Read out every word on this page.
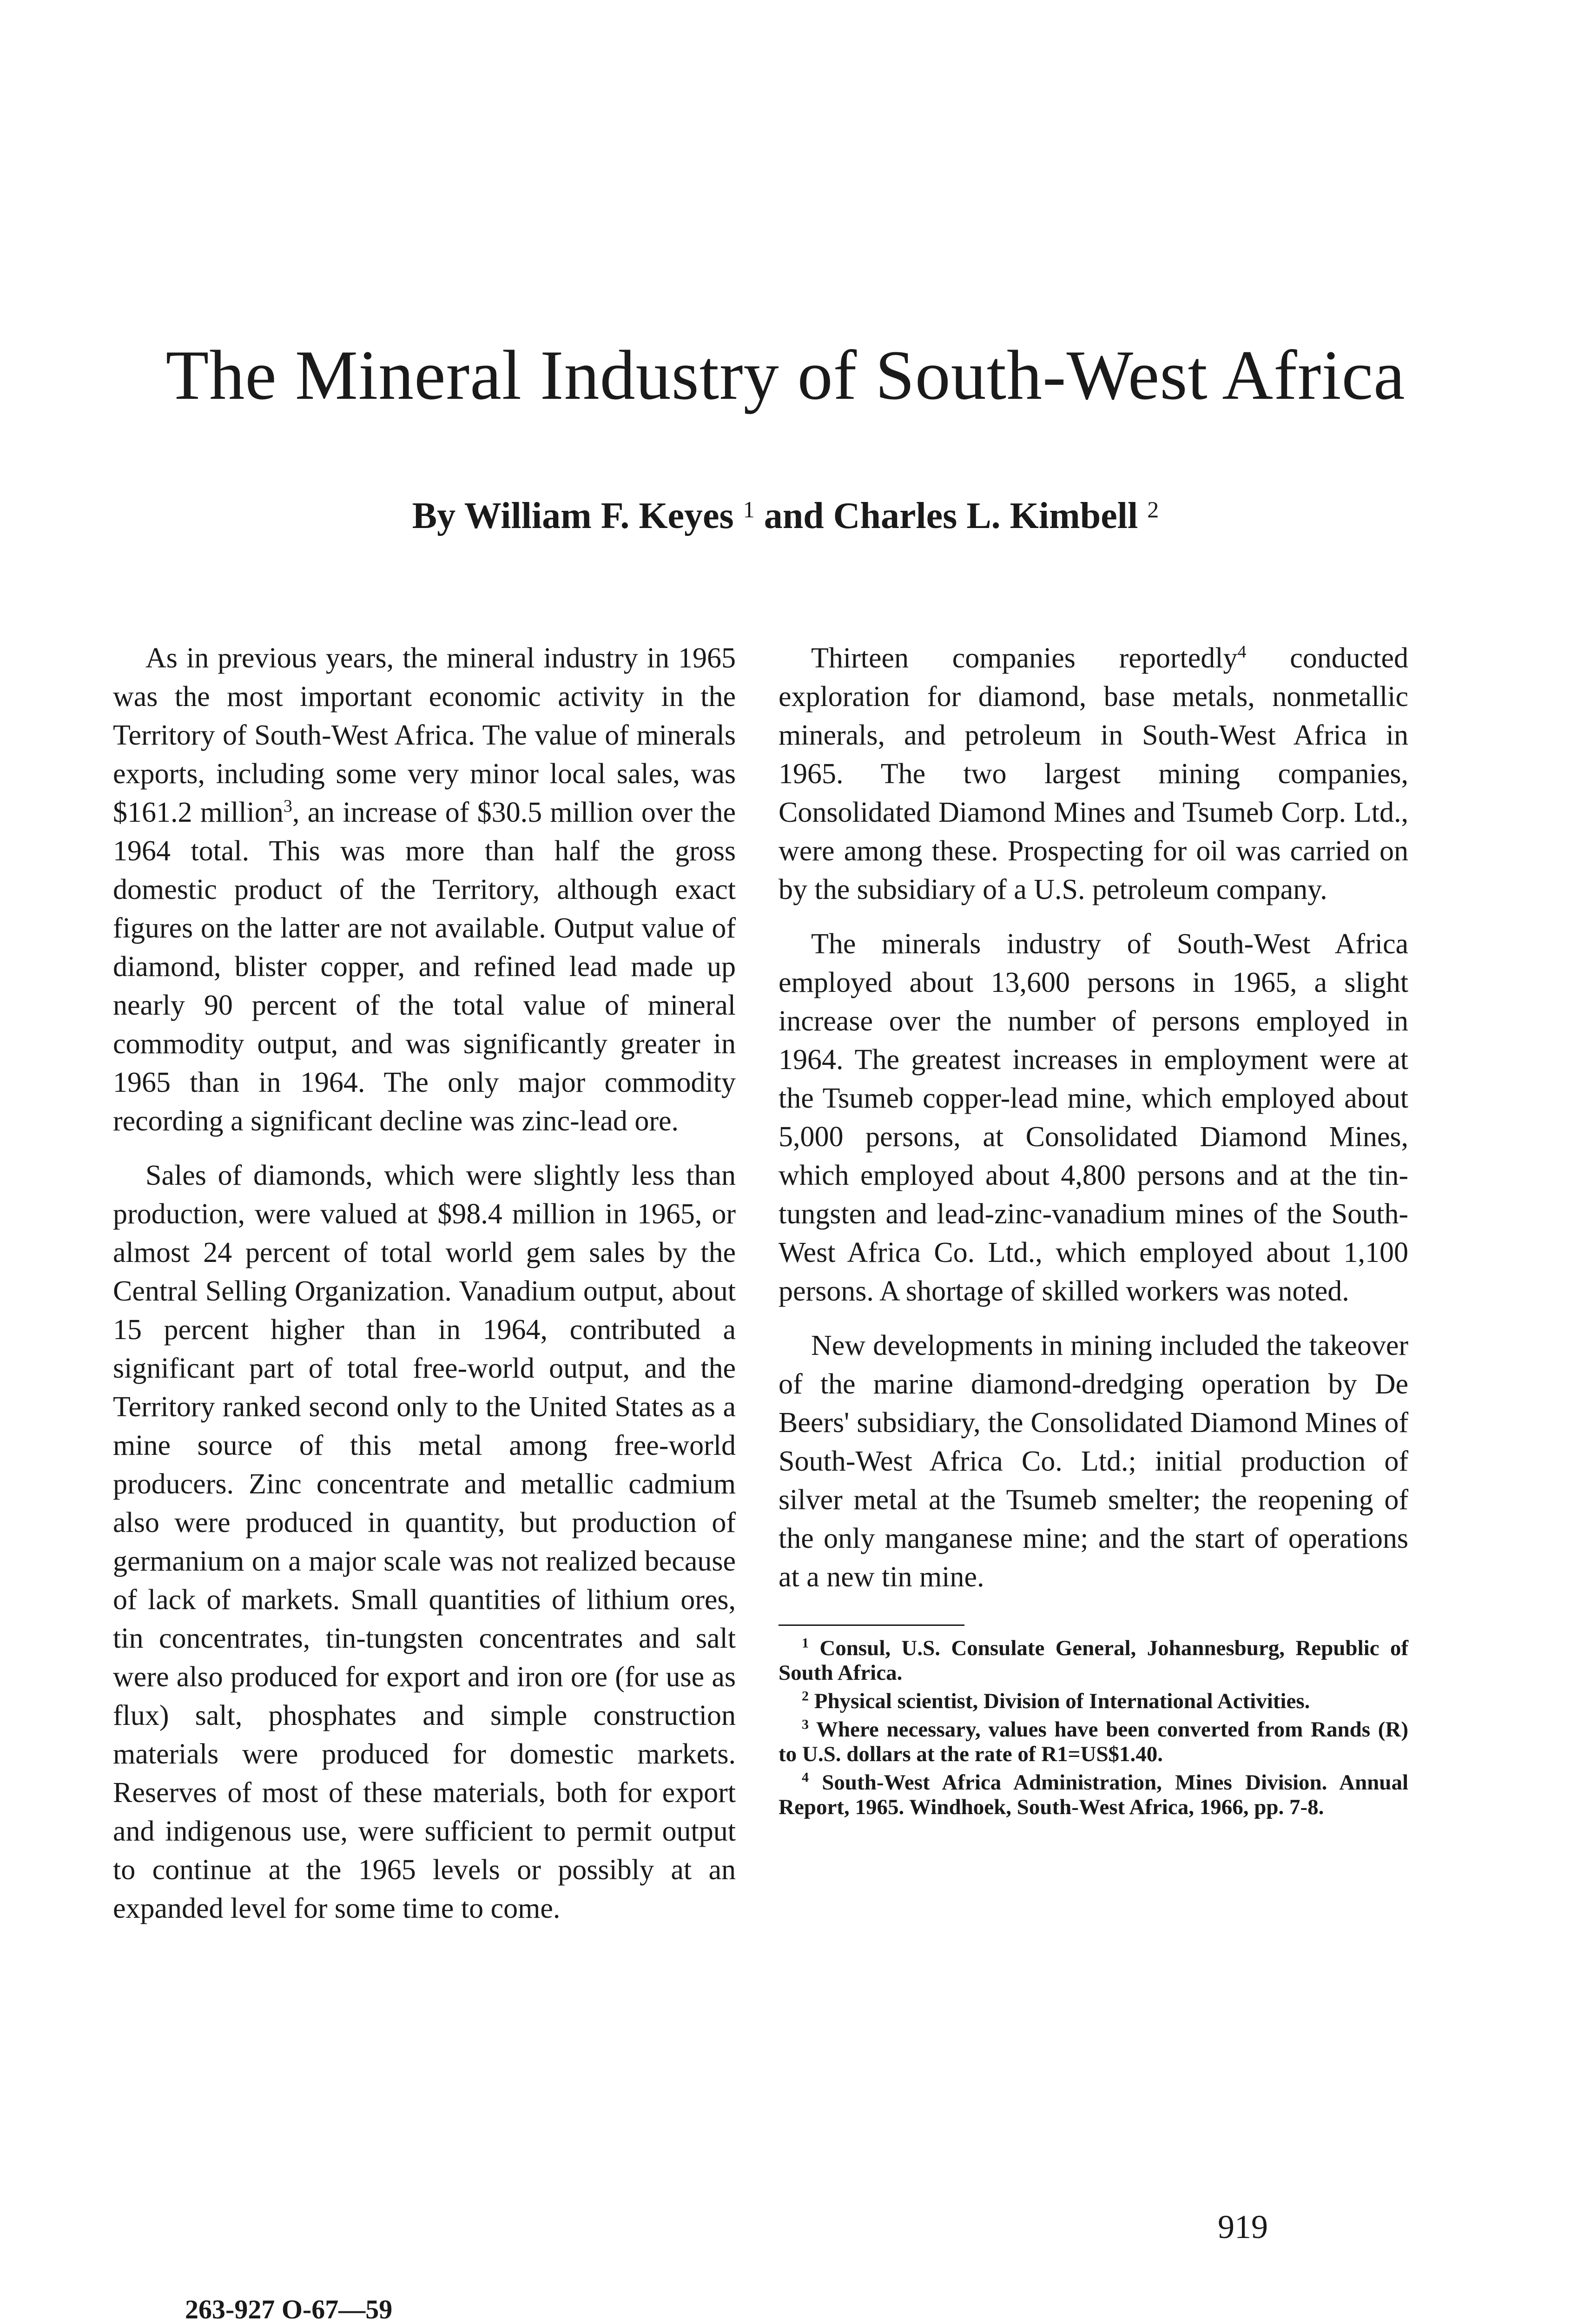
The Mineral Industry of South-West Africa
By William F. Keyes $^1$ and Charles L. Kimbell $^2$

As in previous years, the mineral industry in 1965 was the most important economic activity in the Territory of South-West Africa. The value of minerals exports, including some very minor local sales, was $161.2 million$^3$, an increase of $30.5 million over the 1964 total. This was more than half the gross domestic product of the Territory, although exact figures on the latter are not available. Output value of diamond, blister copper, and refined lead made up nearly 90 percent of the total value of mineral commodity output, and was significantly greater in 1965 than in 1964. The only major commodity recording a significant decline was zinc-lead ore.

Sales of diamonds, which were slightly less than production, were valued at $98.4 million in 1965, or almost 24 percent of total world gem sales by the Central Selling Organization. Vanadium output, about 15 percent higher than in 1964, contributed a significant part of total free-world output, and the Territory ranked second only to the United States as a mine source of this metal among free-world producers. Zinc concentrate and metallic cadmium also were produced in quantity, but production of germanium on a major scale was not realized because of lack of markets. Small quantities of lithium ores, tin concentrates, tin-tungsten concentrates and salt were also produced for export and iron ore (for use as flux) salt, phosphates and simple construction materials were produced for domestic markets. Reserves of most of these materials, both for export and indigenous use, were sufficient to permit output to continue at the 1965 levels or possibly at an expanded level for some time to come.

Thirteen companies reportedly$^4$ conducted exploration for diamond, base metals, nonmetallic minerals, and petroleum in South-West Africa in 1965. The two largest mining companies, Consolidated Diamond Mines and Tsumeb Corp. Ltd., were among these. Prospecting for oil was carried on by the subsidiary of a U.S. petroleum company.

The minerals industry of South-West Africa employed about 13,600 persons in 1965, a slight increase over the number of persons employed in 1964. The greatest increases in employment were at the Tsumeb copper-lead mine, which employed about 5,000 persons, at Consolidated Diamond Mines, which employed about 4,800 persons and at the tin-tungsten and lead-zinc-vanadium mines of the South-West Africa Co. Ltd., which employed about 1,100 persons. A shortage of skilled workers was noted.

New developments in mining included the takeover of the marine diamond-dredging operation by De Beers' subsidiary, the Consolidated Diamond Mines of South-West Africa Co. Ltd.; initial production of silver metal at the Tsumeb smelter; the reopening of the only manganese mine; and the start of operations at a new tin mine.

$^1$ Consul, U.S. Consulate General, Johannesburg, Republic of South Africa.
$^2$ Physical scientist, Division of International Activities.
$^3$ Where necessary, values have been converted from Rands (R) to U.S. dollars at the rate of R1=US$1.40.
$^4$ South-West Africa Administration, Mines Division. Annual Report, 1965. Windhoek, South-West Africa, 1966, pp. 7-8.
919
263-927 O-67—59
